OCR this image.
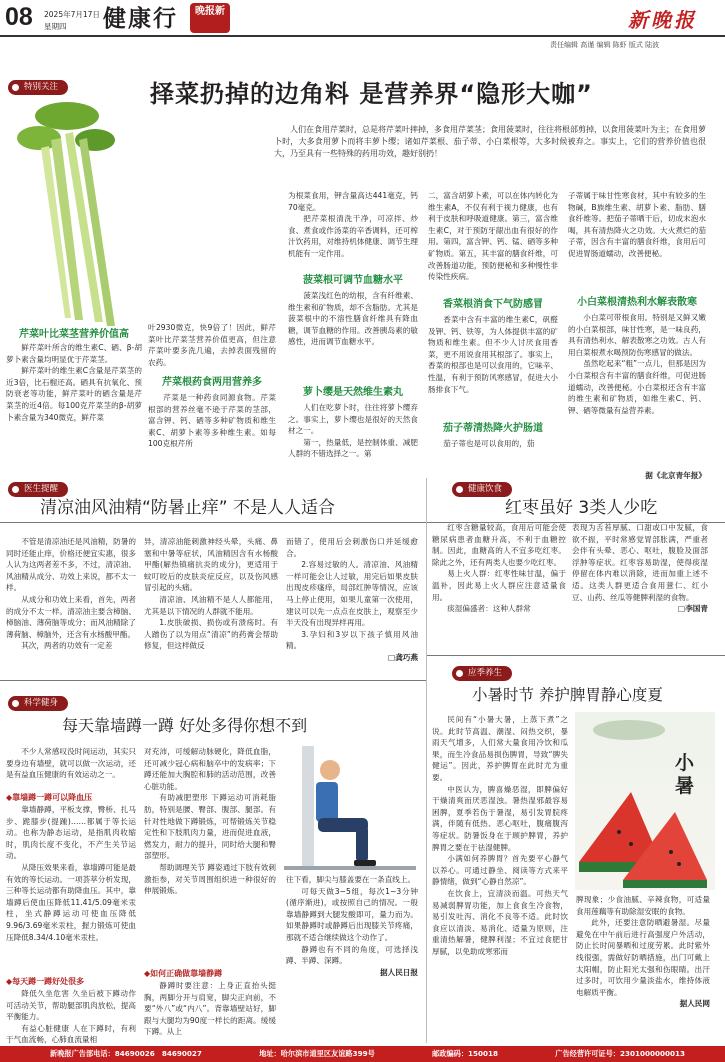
08 2025年7月17日
星期四 健康行	晚报新	新晚报
责任编辑 高谨 编辑 陈虾 版式 陆波
特别关注	择菜扔掉的边角料 是营养界“隐形大咖”
人们在食用芹菜时，总是将芹菜叶摔掉，多食用芹菜茎；食用菠菜时，往往将根部剪掉，以食用菠菜叶为主；在食用萝卜时，大多食用萝卜而将丰萝卜缨；诸如芹菜根、茄子蒂、小白菜根等，大多时候被弃之。事实上，它们的营养价值也很大，乃至具有一些特殊的药用功效，趣好别扔！
芹菜叶比菜茎营养价值高

鲜芹菜叶所含的维生素C、硒、β-胡萝卜素含量均明显优于芹菜茎。

鲜芹菜叶的维生素C含量是芹菜茎的近3倍，比石榴还高。硒具有抗氧化、预防衰老等功能，鲜芹菜叶的硒含量是芹菜茎的近4倍。每100克芹菜茎的β-胡萝卜素含量为340微克，鲜芹菜

叶2930微克，快9倍了！因此，鲜芹菜叶比芹菜茎营养价值更高，但注意芹菜叶要多洗几遍，去掉表面残留的农药。

芹菜根药食两用营养多

芹菜是一种药食同源食物。芹菜根部的营养丝毫不逊于芹菜的茎部，富含钾、钙、硒等多种矿物质和维生素C、胡萝卜素等多种维生素。如每100克根芹所

为根菜食用，钾含量高达441毫克，钙70毫克。

把芹菜根清洗干净，可凉拌、炒食、煮食或作汤菜的辛香调料，还可榨汁饮药用，对维持机体健康、调节生理机能有一定作用。

菠菜根可调节血糖水平

菠菜浅红色的幼根，含有纤维素、维生素和矿物质，却不含脂肪。尤其是菠菜根中的不溶性膳食纤维具有降血糖，调节血糖的作用。改善胰岛素的敏感性，进而调节血糖水平。

萝卜缨是天然维生素丸

人们在吃萝卜时，往往将萝卜缨弃之。事实上，萝卜缨也是很好的天然食材之一。

第一，热量低，是控制体重、减肥人群的不错选择之一。第

二，富含胡萝卜素，可以在体内转化为维生素A，不仅有利于视力健康，也有利于皮肤和呼吸道健康。第三，富含维生素C，对于预防牙龈出血有很好的作用。第四，富含钾、钙、锰、硒等多种矿物质。第五，其丰富的膳食纤维，可改善肠道功能，预防便秘和多种慢性非传染性疾病。

香菜根消食下气防感冒

香菜中含有丰富的维生素C，矾醛及钾、钙、铁等，为人体提供丰富的矿物质和维生素。但不少人讨厌食用香菜，更不用说食用其根部了。事实上，香菜的根部也是可以食用的，它味辛、性温，有利于预防风寒感冒，促进大小肠排食下气。

茄子蒂清热降火护肠道

茄子蒂也是可以食用的，茄

子蒂属于味甘性寒食材，其中有较多的生物碱，B族维生素、胡萝卜素、脂肪、膳食纤维等。把茄子蒂晒干后，切成末泡水喝，具有清热降火之功效。大火煮烂的茄子蒂，因含有丰富的膳食纤维，食用后可促进胃肠道蠕动，改善便秘。

小白菜根清热利水解表散寒

小白菜可带根食用。特别是又鲜又嫩的小白菜根部，味甘性寒，是一味良药，具有清热利水、解表散寒之功效。古人有用白菜根煮水喝预防伤寒感冒的做法。

虽然吃起来“粗”一点儿，但那是因为小白菜根含有丰富的膳食纤维，可促进肠道蠕动，改善便秘。小白菜根还含有丰富的维生素和矿物质，如维生素C、钙、钾、硒等微量有益营养素。

据《北京青年报》
医生提醒
清凉油风油精“防暑止痒” 不是人人适合

不管是清凉油还是风油精，防暑的同时还能止痒，价格还便宜实惠，很多人认为这两者差不多，不过，清凉油、风油精从成分、功效上来说，都不太一样。

从成分和功效上来看，首先，两者的成分不太一样。清凉油主要含樟脑、樟脑油、薄荷脑等成分；而风油精除了薄荷脑、樟脑外，还含有水杨酸甲酯。

其次，两者的功效有一定差

异，清凉油能刺激神经头晕，头痛、鼻塞和中暑等症状，风油精因含有水杨酸甲酯(解热镇痛抗炎的成分)，更适用于蚊叮咬后的皮肤炎症反应，以及伤风感冒引起的头痛。

清凉油、风油精不是人人都能用，尤其是以下情况的人群就不能用。

1.皮肤破损、损伤或有溃疡时。有人蹭伤了以为用点“清凉”的药膏会帮助修复，但这样做反

而错了，使用后会刺激伤口并延缓愈合。

2.容易过敏的人。清凉油、风油精一样可能会让人过敏，用完后如果皮肤出现皮疹瘙痒，局部红肿等情况，应该马上停止使用，如果儿童第一次使用，建议可以先一点点在皮肤上，观察至少半天没有出现异样再用。

3.孕妇和3岁以下孩子慎用风油精。

□龚巧燕

健康饮食
红枣虽好 3类人少吃

红枣含糖量较高，食用后可能会使糖尿病患者血糖升高，不利于血糖控制。因此，血糖高的人不宜多吃红枣。除此之外，还有两类人也要少吃红枣。

易上火人群：红枣性味甘温，偏于温补，因此易上火人群应注意适量食用。

痰湿偏盛者：这种人群常

表现为舌苔厚腻、口甜或口中发腻，食欲不振，平时常感觉胃部胀满，严重者会伴有头晕、恶心、呕吐，腹脸及面部浮肿等症状。红枣容易助湿，使得痰湿停留在体内难以消除，进而加重上述不适。这类人群更适合食用薏仁、红小豆、山药、丝瓜等健脾利湿的食物。

□李国青

科学健身
每天靠墙蹲一蹲 好处多得你想不到

不少人常感叹没时间运动，其实只要身边有墙壁，就可以做一次运动，还是有益血压健康的有效运动之一。

◆靠墙蹲一蹲可以降血压

靠墙静蹲，平板支撑，臀桥、扎马步、跪膝步(提踵)……都属于等长运动。也称为静态运动，是指肌肉收缩时，肌肉长度不变化，不产生关节运动。

从降压效果来看，靠墙蹲可能是最有效的等长运动。一项荟萃分析发现，三种等长运动都有助降血压。其中，靠墙蹲后使血压降低11.41/5.09毫米汞柱，坐式静蹲运动可使血压降低9.96/3.69毫米汞柱，握力锻炼可使血压降低8.34/4.10毫米汞柱。

◆每天蹲一蹲好处很多

降低久坐危害 久坐后被下蹲动作可活动关节，帮助腿部肌肉放松，提高平衡能力。

有益心脏健康 人在下蹲时，有利于气血流畅，心肺血流量相

对充沛，可缓解动脉硬化，降低血脂，还可减少冠心病和脑卒中的发病率；下蹲还能加大胸腔和肺的活动范围，改善心脏功能。

有助减肥塑形 下蹲运动可消耗脂肪，特别是腰、臀部、腹部、腿部。有针对性地做下蹲锻炼，可帮锻炼关节稳定性和下肢肌肉力量，进而促进血液，燃发力，耐力的提升，同时给大腿和臀部塑形。

帮助调理关节 蹲姿通过下肢有效刺激拒参，对关节周围组织进一种很好的伸展锻炼。

◆如何正确做靠墙静蹲

静蹲时要注意：上身正直抬头挺胸，两脚分开与肩宽，脚尖正向前，不要“外八”或“内八”。背靠墙壁站好，脚跟与大腿均为90度一样长的距离。缓缓下蹲。从上

往下看，脚尖与膝盖要在一条直线上。

可每天做3~5组，每次1~3分钟(循序渐进)，或按照自己的情况。一般靠墙静蹲到大腿发酸即可，量力而为。如果静蹲时或静蹲后出现膝关节疼痛，那就不适合继续做这个动作了。

静蹲也有不同的角度，可选择浅蹲、半蹲、深蹲。

据人民日报

应季养生
小暑时节 养护脾胃静心度夏

民间有“小暑大暑，上蒸下煮”之说。此时节高温、潮湿、闷热交织，暴雨天气增多，人们常大量食用冷饮和瓜果，而生冷食品易损伤脾胃，导致“脾失健运”。因此，养护脾胃在此时尤为重要。

中医认为，脾喜燥恶湿，即脾偏好干燥清爽而厌恶湿浊。暑热湿邪最容易困脾，夏季若伤于暑湿，易引发胃脘疼满，伴随有低热、恶心呕吐，腹痛腹泻等症状。防暑饭身在于顾护脾胃，养护脾胃之要在于祛湿健脾。

小满如何养脾胃？首先要平心静气以养心。可通过静坐、阅读等方式来平静情绪，做到“心静自然凉”。

在饮食上，宜清淡而温。可热天气易减弱脾胃功能，加上食食生冷食物，易引发吐泻、消化不良等不适。此时饮食应以清淡、易消化、适量为原则，注重清热解暑，健脾利湿；不宜过食肥甘厚腻，以免助成寒邪而

小暑

脾现象；少食油腻、辛辣食物，可适量食用莲藕等有助除湿安眠的食物。

此外，还要注意防晒避暑湿。尽量避免在中午前后进行高强度户外活动，防止长时间暴晒和过度劳累。此时紫外线很强，需做好防晒措施，出门可戴上太阳帽，防止阳光太强和伤眼睛。出汗过多时，可饮用少量淡盐水，维持体液电解质平衡。

据人民网

新晚报广告部电话：84690026　84690027	地址：哈尔滨市道里区友谊路399号	邮政编码：150018	广告经营许可证号：2301000000013
